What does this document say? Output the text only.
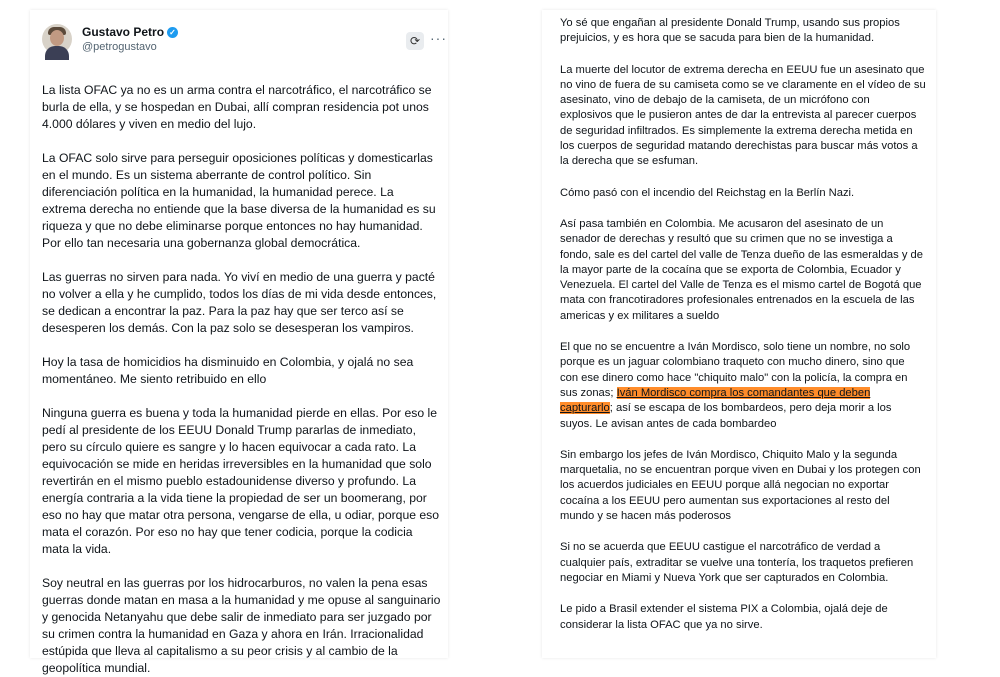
Gustavo Petro ✓
@petrogustavo	⟳ ···

La lista OFAC ya no es un arma contra el narcotráfico, el narcotráfico se
burla de ella, y se hospedan en Dubai, allí compran residencia pot unos
4.000 dólares y viven en medio del lujo.

La OFAC solo sirve para perseguir oposiciones políticas y domesticarlas
en el mundo. Es un sistema aberrante de control político. Sin
diferenciación política en la humanidad, la humanidad perece. La
extrema derecha no entiende que la base diversa de la humanidad es su
riqueza y que no debe eliminarse porque entonces no hay humanidad.
Por ello tan necesaria una gobernanza global democrática.

Las guerras no sirven para nada. Yo viví en medio de una guerra y pacté
no volver a ella y he cumplido, todos los días de mi vida desde entonces,
se dedican a encontrar la paz. Para la paz hay que ser terco así se
desesperen los demás. Con la paz solo se desesperan los vampiros.

Hoy la tasa de homicidios ha disminuido en Colombia, y ojalá no sea
momentáneo. Me siento retribuido en ello

Ninguna guerra es buena y toda la humanidad pierde en ellas. Por eso le
pedí al presidente de los EEUU Donald Trump pararlas de inmediato,
pero su círculo quiere es sangre y lo hacen equivocar a cada rato. La
equivocación se mide en heridas irreversibles en la humanidad que solo
revertirán en el mismo pueblo estadounidense diverso y profundo. La
energía contraria a la vida tiene la propiedad de ser un boomerang, por
eso no hay que matar otra persona, vengarse de ella, u odiar, porque eso
mata el corazón. Por eso no hay que tener codicia, porque la codicia
mata la vida.

Soy neutral en las guerras por los hidrocarburos, no valen la pena esas
guerras donde matan en masa a la humanidad y me opuse al sanguinario
y genocida Netanyahu que debe salir de inmediato para ser juzgado por
su crimen contra la humanidad en Gaza y ahora en Irán. Irracionalidad
estúpida que lleva al capitalismo a su peor crisis y al cambio de la
geopolítica mundial.

Yo sé que engañan al presidente Donald Trump, usando sus propios
prejuicios, y es hora que se sacuda para bien de la humanidad.

La muerte del locutor de extrema derecha en EEUU fue un asesinato que
no vino de fuera de su camiseta como se ve claramente en el vídeo de su
asesinato, vino de debajo de la camiseta, de un micrófono con
explosivos que le pusieron antes de dar la entrevista al parecer cuerpos
de seguridad infiltrados. Es simplemente la extrema derecha metida en
los cuerpos de seguridad matando derechistas para buscar más votos a
la derecha que se esfuman.

Cómo pasó con el incendio del Reichstag en la Berlín Nazi.

Así pasa también en Colombia. Me acusaron del asesinato de un
senador de derechas y resultó que su crimen que no se investiga a
fondo, sale es del cartel del valle de Tenza dueño de las esmeraldas y de
la mayor parte de la cocaína que se exporta de Colombia, Ecuador y
Venezuela. El cartel del Valle de Tenza es el mismo cartel de Bogotá que
mata con francotiradores profesionales entrenados en la escuela de las
americas y ex militares a sueldo

El que no se encuentre a Iván Mordisco, solo tiene un nombre, no solo
porque es un jaguar colombiano traqueto con mucho dinero, sino que
con ese dinero como hace "chiquito malo" con la policía, la compra en
sus zonas; Iván Mordisco compra los comandantes que deben
capturarlo; así se escapa de los bombardeos, pero deja morir a los
suyos. Le avisan antes de cada bombardeo

Sin embargo los jefes de Iván Mordisco, Chiquito Malo y la segunda
marquetalia, no se encuentran porque viven en Dubai y los protegen con
los acuerdos judiciales en EEUU porque allá negocian no exportar
cocaína a los EEUU pero aumentan sus exportaciones al resto del
mundo y se hacen más poderosos

Si no se acuerda que EEUU castigue el narcotráfico de verdad a
cualquier país, extraditar se vuelve una tontería, los traquetos prefieren
negociar en Miami y Nueva York que ser capturados en Colombia.

Le pido a Brasil extender el sistema PIX a Colombia, ojalá deje de
considerar la lista OFAC que ya no sirve.
